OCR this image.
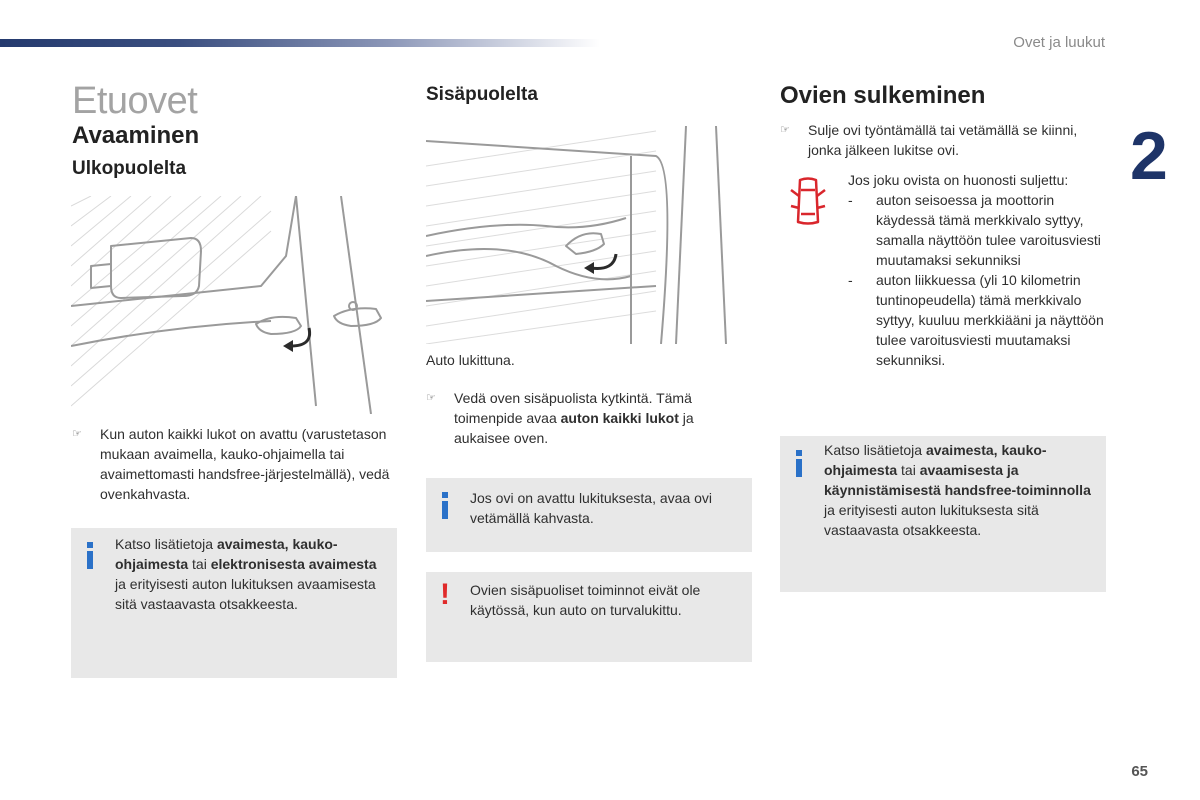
Ovet ja luukut
2
65
Etuovet
Avaaminen
Ulkopuolelta
☞	Kun auton kaikki lukot on avattu (varustetason mukaan avaimella, kauko-ohjaimella tai avaimettomasti handsfree-järjestelmällä), vedä ovenkahvasta.
Katso lisätietoja avaimesta, kauko-ohjaimesta tai elektronisesta avaimesta ja erityisesti auton lukituksen avaamisesta sitä vastaavasta otsakkeesta.
Sisäpuolelta

Auto lukittuna.

☞	Vedä oven sisäpuolista kytkintä. Tämä toimenpide avaa auton kaikki lukot ja aukaisee oven.
Jos ovi on avattu lukituksesta, avaa ovi vetämällä kahvasta.
! Ovien sisäpuoliset toiminnot eivät ole käytössä, kun auto on turvalukittu.
Ovien sulkeminen
☞	Sulje ovi työntämällä tai vetämällä se kiinni, jonka jälkeen lukitse ovi.
Jos joku ovista on huonosti suljettu:
- auton seisoessa ja moottorin käydessä tämä merkkivalo syttyy, samalla näyttöön tulee varoitusviesti muutamaksi sekunniksi
- auton liikkuessa (yli 10 kilometrin tuntinopeudella) tämä merkkivalo syttyy, kuuluu merkkiääni ja näyttöön tulee varoitusviesti muutamaksi sekunniksi.
Katso lisätietoja avaimesta, kauko-ohjaimesta tai avaamisesta ja käynnistämisestä handsfree-toiminnolla ja erityisesti auton lukituksesta sitä vastaavasta otsakkeesta.
